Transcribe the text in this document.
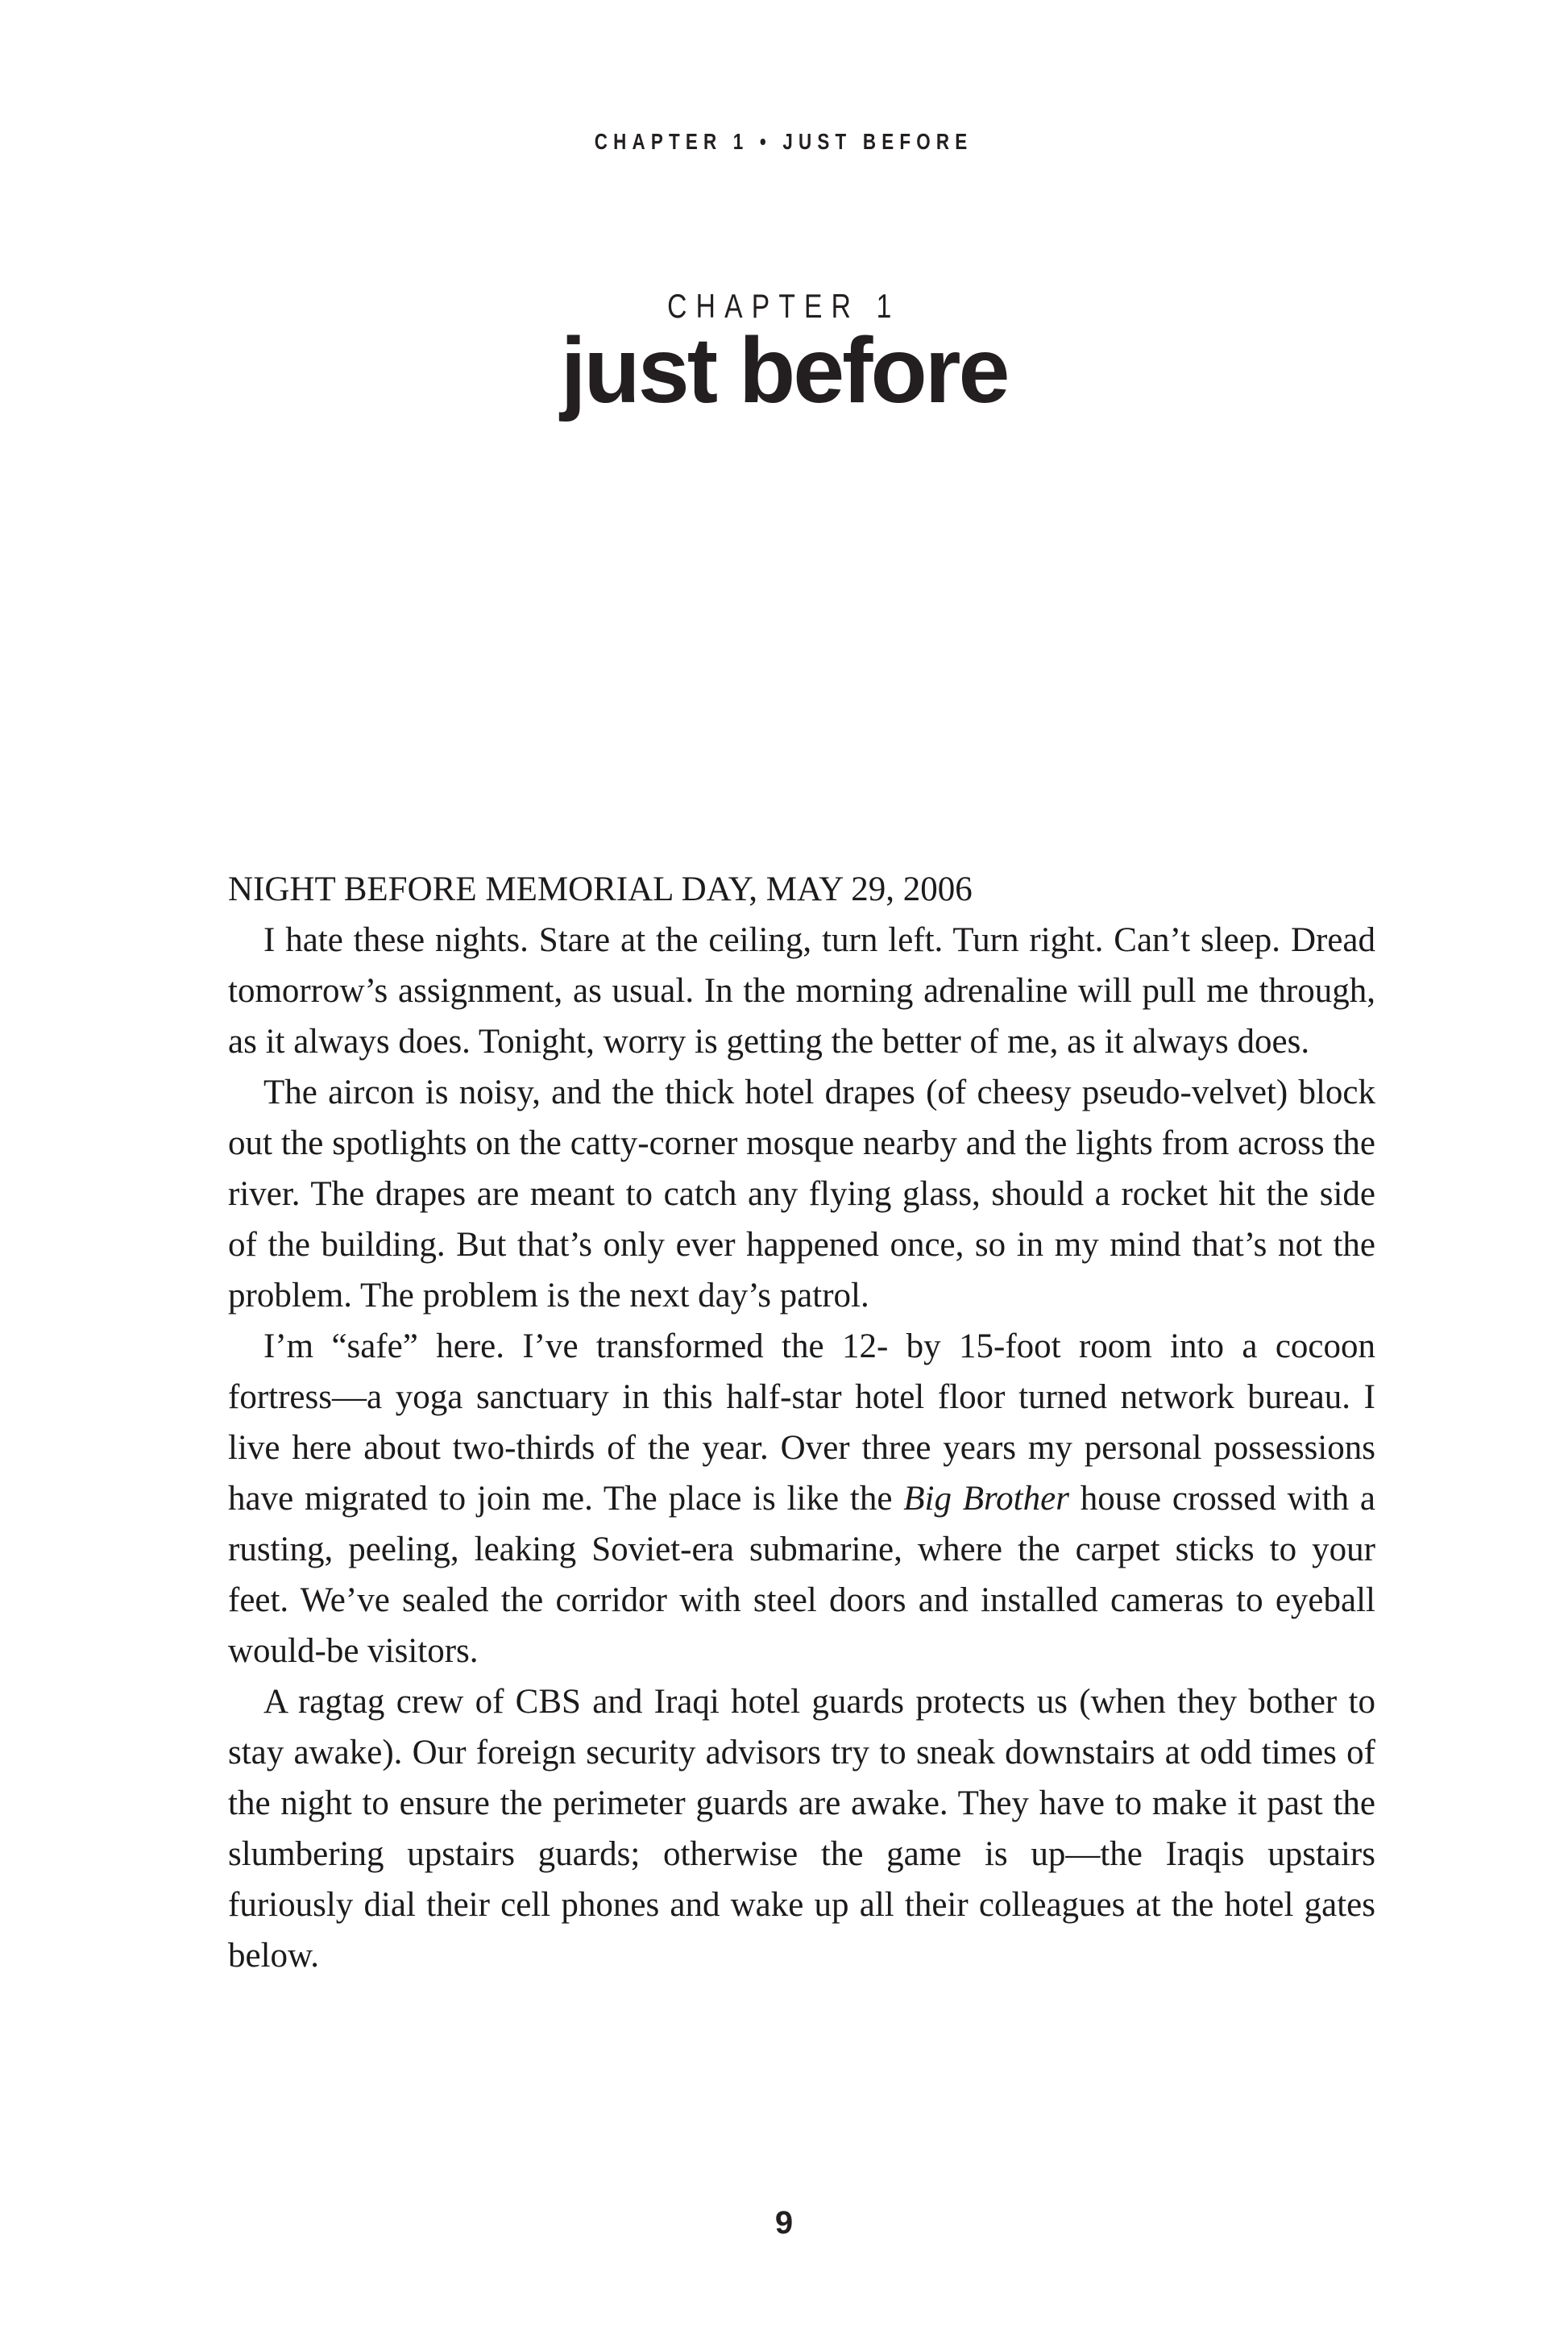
CHAPTER 1 • JUST BEFORE
CHAPTER 1
just before

NIGHT BEFORE MEMORIAL DAY, MAY 29, 2006

I hate these nights. Stare at the ceiling, turn left. Turn right. Can’t sleep. Dread tomorrow’s assignment, as usual. In the morning adrenaline will pull me through, as it always does. Tonight, worry is getting the better of me, as it always does.

The aircon is noisy, and the thick hotel drapes (of cheesy pseudo-velvet) block out the spotlights on the catty-corner mosque nearby and the lights from across the river. The drapes are meant to catch any flying glass, should a rocket hit the side of the building. But that’s only ever happened once, so in my mind that’s not the problem. The problem is the next day’s patrol.

I’m “safe” here. I’ve transformed the 12- by 15-foot room into a cocoon fortress—a yoga sanctuary in this half-star hotel floor turned network bureau. I live here about two-thirds of the year. Over three years my personal possessions have migrated to join me. The place is like the Big Brother house crossed with a rusting, peeling, leaking Soviet-era submarine, where the carpet sticks to your feet. We’ve sealed the corridor with steel doors and installed cameras to eyeball would-be visitors.

A ragtag crew of CBS and Iraqi hotel guards protects us (when they bother to stay awake). Our foreign security advisors try to sneak downstairs at odd times of the night to ensure the perimeter guards are awake. They have to make it past the slumbering upstairs guards; otherwise the game is up—the Iraqis upstairs furiously dial their cell phones and wake up all their colleagues at the hotel gates below.

9
